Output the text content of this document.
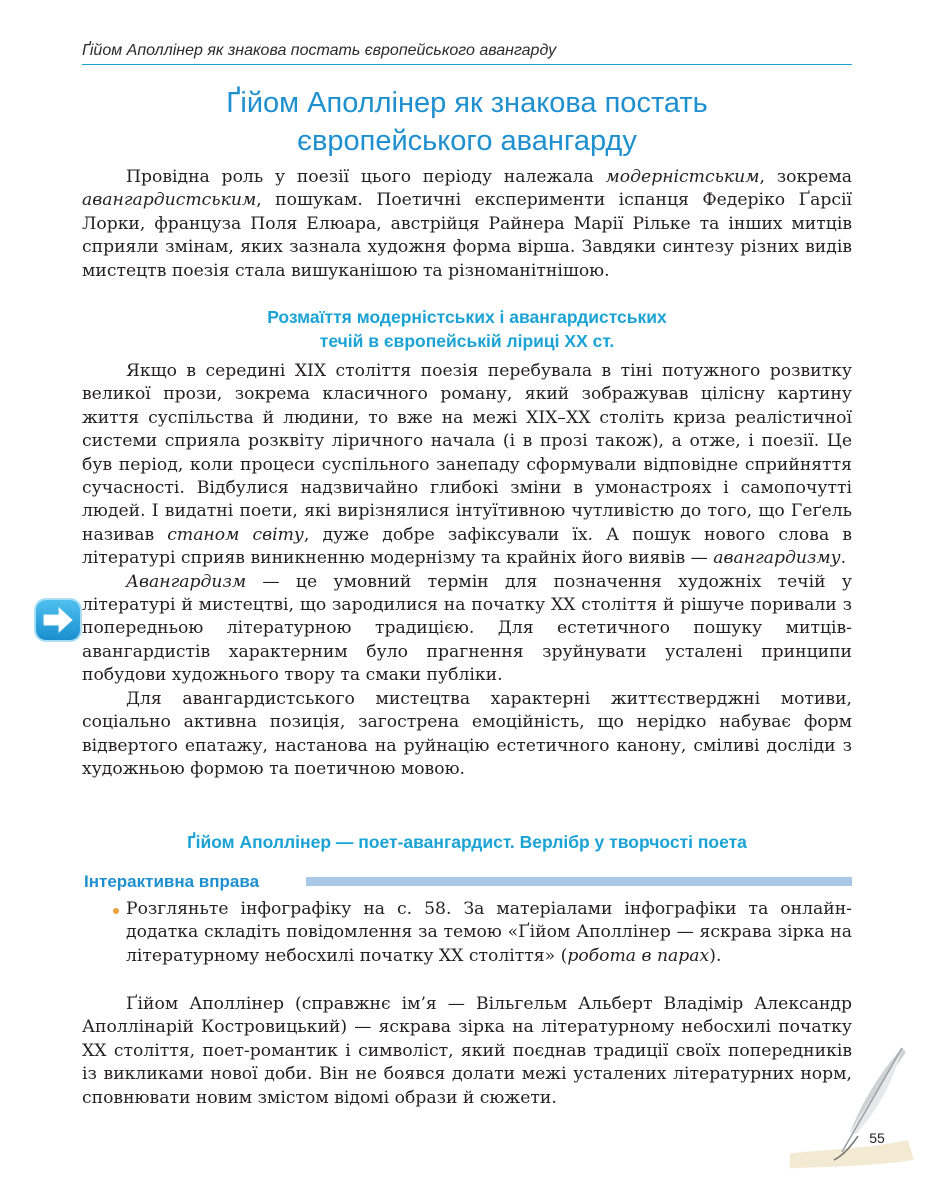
Ґійом Аполлінер як знакова постать європейського авангарду
Ґійом Аполлінер як знакова постать
європейського авангарду

Провідна роль у поезії цього періоду належала модерністським, зокрема авангардистським, пошукам. Поетичні експерименти іспанця Федеріко Ґарсії Лорки, француза Поля Елюара, австрійця Райнера Марії Рільке та інших митців сприяли змінам, яких зазнала художня форма вірша. Завдяки синтезу різних видів мистецтв поезія стала вишуканішою та різноманітнішою.

Розмаїття модерністських і авангардистських
течій в європейській ліриці XX ст.

Якщо в середині XIX століття поезія перебувала в тіні потужного розвитку великої прози, зокрема класичного роману, який зображував цілісну картину життя суспільства й людини, то вже на межі XIX–XX століть криза реалістичної системи сприяла розквіту ліричного начала (і в прозі також), а отже, і поезії. Це був період, коли процеси суспільного занепаду сформували відповідне сприйняття сучасності. Відбулися надзвичайно глибокі зміни в умонастроях і самопочутті людей. І видатні поети, які вирізнялися інтуїтивною чутливістю до того, що Геґель називав станом світу, дуже добре зафіксували їх. А пошук нового слова в літературі сприяв виникненню модернізму та крайніх його виявів — авангардизму.

Авангардизм — це умовний термін для позначення художніх течій у літературі й мистецтві, що зародилися на початку XX століття й рішуче поривали з попередньою літературною традицією. Для естетичного пошуку митців-авангардистів характерним було прагнення зруйнувати усталені принципи побудови художнього твору та смаки публіки.

Для авангардистського мистецтва характерні життєстверджні мотиви, соціально активна позиція, загострена емоційність, що нерідко набуває форм відвертого епатажу, настанова на руйнацію естетичного канону, сміливі досліди з художньою формою та поетичною мовою.

Ґійом Аполлінер — поет-авангардист. Верлібр у творчості поета
Інтерактивна вправа

Розгляньте інфографіку на с. 58. За матеріалами інфографіки та онлайн-додатка складіть повідомлення за темою «Ґійом Аполлінер — яскрава зірка на літературному небосхилі початку XX століття» (робота в парах).

Ґійом Аполлінер (справжнє ім’я — Вільгельм Альберт Владімір Александр Аполлінарій Костровицький) — яскрава зірка на літературному небосхилі початку XX століття, поет-романтик і символіст, який поєднав традиції своїх попередників із викликами нової доби. Він не боявся долати межі усталених літературних норм, сповнювати новим змістом відомі образи й сюжети.

55
